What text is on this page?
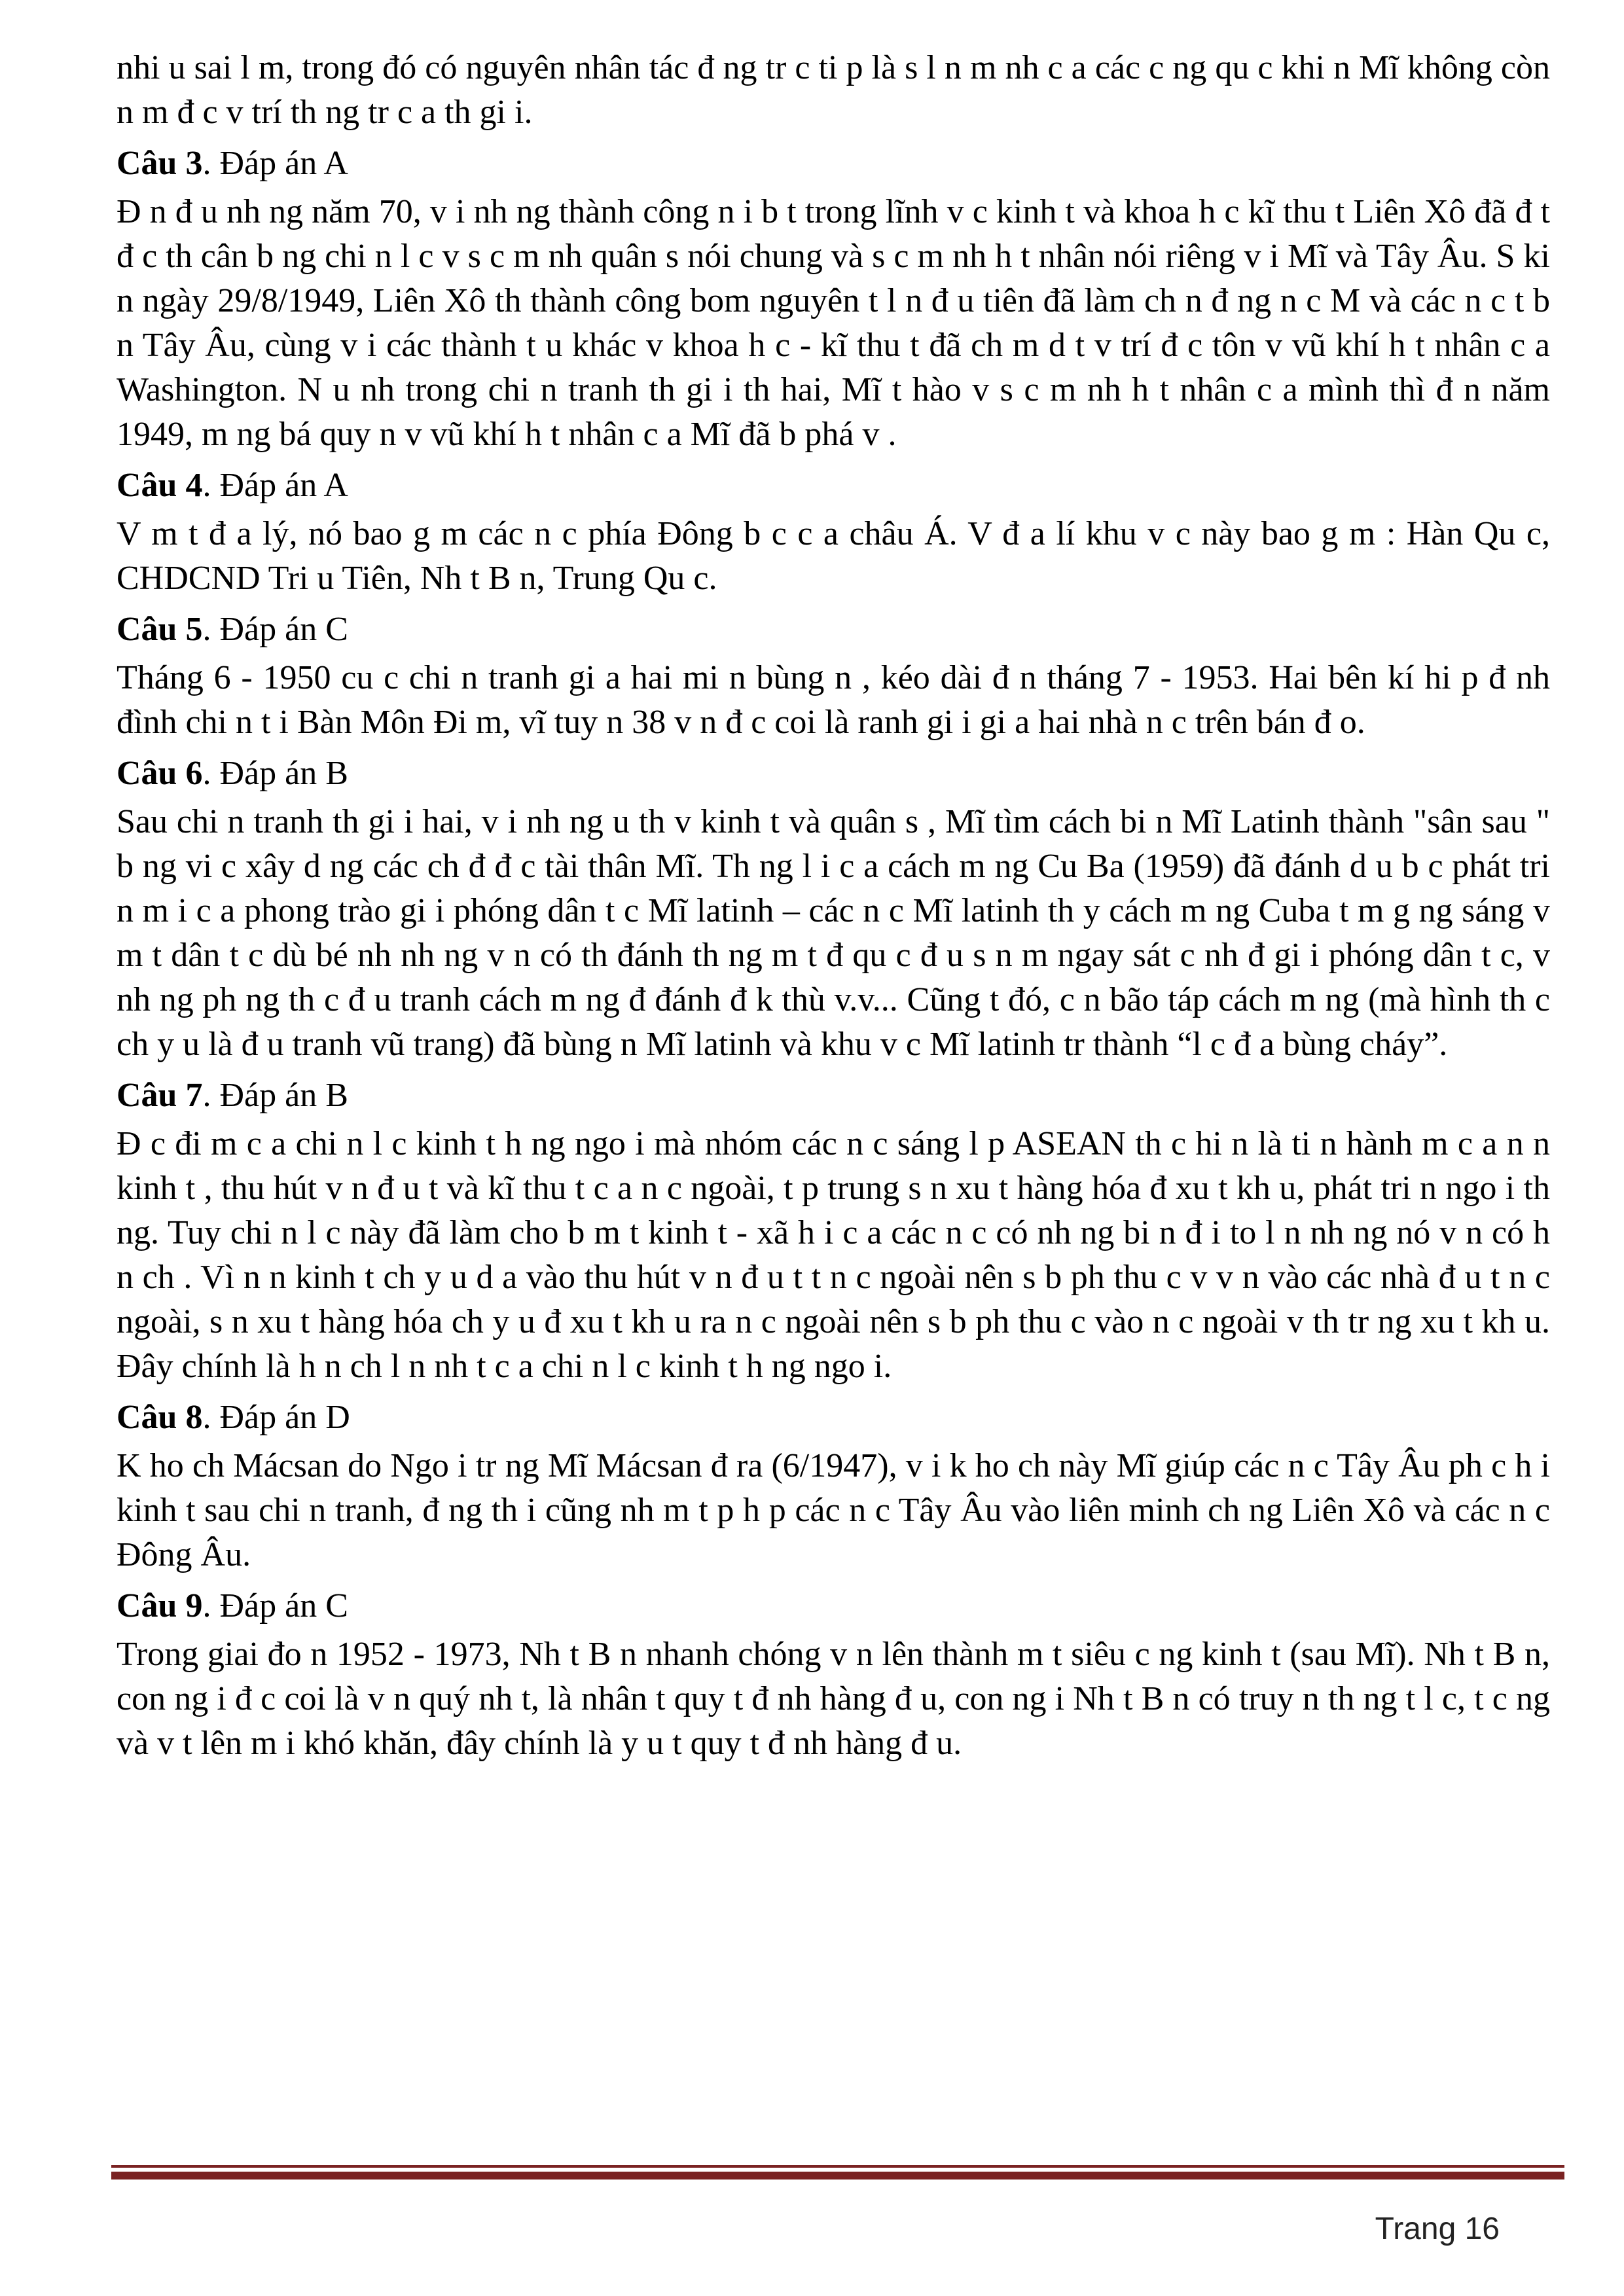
nhi u sai l m, trong đó có nguyên nhân tác đ ng tr c ti p là s l n m nh c a các c ng qu c khi n Mĩ không còn n m đ c v trí th ng tr c a th gi i.

Câu 3. Đáp án A

Đ n đ u nh ng năm 70, v i nh ng thành công n i b t trong lĩnh v c kinh t và khoa h c kĩ thu t Liên Xô đã đ t đ c th cân b ng chi n l c v s c m nh quân s nói chung và s c m nh h t nhân nói riêng v i Mĩ và Tây Âu. S ki n ngày 29/8/1949, Liên Xô th thành công bom nguyên t l n đ u tiên đã làm ch n đ ng n c M và các n c t b n Tây Âu, cùng v i các thành t u khác v khoa h c - kĩ thu t đã ch m d t v trí đ c tôn v vũ khí h t nhân c a Washington. N u nh trong chi n tranh th gi i th hai, Mĩ t hào v s c m nh h t nhân c a mình thì đ n năm 1949, m ng bá quy n v vũ khí h t nhân c a Mĩ đã b phá v .

Câu 4. Đáp án A

V m t đ a lý, nó bao g m các n c phía Đông b c c a châu Á. V đ a lí khu v c này bao g m : Hàn Qu c, CHDCND Tri u Tiên, Nh t B n, Trung Qu c.

Câu 5. Đáp án C

Tháng 6 - 1950 cu c chi n tranh gi a hai mi n bùng n , kéo dài đ n tháng 7 - 1953. Hai bên kí hi p đ nh đình chi n t i Bàn Môn Đi m, vĩ tuy n 38 v n đ c coi là ranh gi i gi a hai nhà n c trên bán đ o.

Câu 6. Đáp án B

Sau chi n tranh th gi i hai, v i nh ng u th v kinh t và quân s , Mĩ tìm cách bi n Mĩ Latinh thành "sân sau " b ng vi c xây d ng các ch đ đ c tài thân Mĩ. Th ng l i c a cách m ng Cu Ba (1959) đã đánh d u b c phát tri n m i c a phong trào gi i phóng dân t c Mĩ latinh – các n c Mĩ latinh th y cách m ng Cuba t m g ng sáng v m t dân t c dù bé nh nh ng v n có th đánh th ng m t đ qu c đ u s n m ngay sát c nh đ gi i phóng dân t c, v nh ng ph ng th c đ u tranh cách m ng đ đánh đ k thù v.v... Cũng t đó, c n bão táp cách m ng (mà hình th c ch y u là đ u tranh vũ trang) đã bùng n Mĩ latinh và khu v c Mĩ latinh tr thành “l c đ a bùng cháy”.

Câu 7. Đáp án B

Đ c đi m c a chi n l c kinh t h ng ngo i mà nhóm các n c sáng l p ASEAN th c hi n là ti n hành m c a n n kinh t , thu hút v n đ u t và kĩ thu t c a n c ngoài, t p trung s n xu t hàng hóa đ xu t kh u, phát tri n ngo i th ng. Tuy chi n l c này đã làm cho b m t kinh t - xã h i c a các n c có nh ng bi n đ i to l n nh ng nó v n có h n ch . Vì n n kinh t ch y u d a vào thu hút v n đ u t t n c ngoài nên s b ph thu c v v n vào các nhà đ u t n c ngoài, s n xu t hàng hóa ch y u đ xu t kh u ra n c ngoài nên s b ph thu c vào n c ngoài v th tr ng xu t kh u. Đây chính là h n ch l n nh t c a chi n l c kinh t h ng ngo i.

Câu 8. Đáp án D

K ho ch Mácsan do Ngo i tr ng Mĩ Mácsan đ ra (6/1947), v i k ho ch này Mĩ giúp các n c Tây Âu ph c h i kinh t sau chi n tranh, đ ng th i cũng nh m t p h p các n c Tây Âu vào liên minh ch ng Liên Xô và các n c Đông Âu.

Câu 9. Đáp án C

Trong giai đo n 1952 - 1973, Nh t B n nhanh chóng v n lên thành m t siêu c ng kinh t (sau Mĩ). Nh t B n, con ng i đ c coi là v n quý nh t, là nhân t quy t đ nh hàng đ u, con ng i Nh t B n có truy n th ng t l c, t c ng và v t lên m i khó khăn, đây chính là y u t quy t đ nh hàng đ u.

Trang 16
